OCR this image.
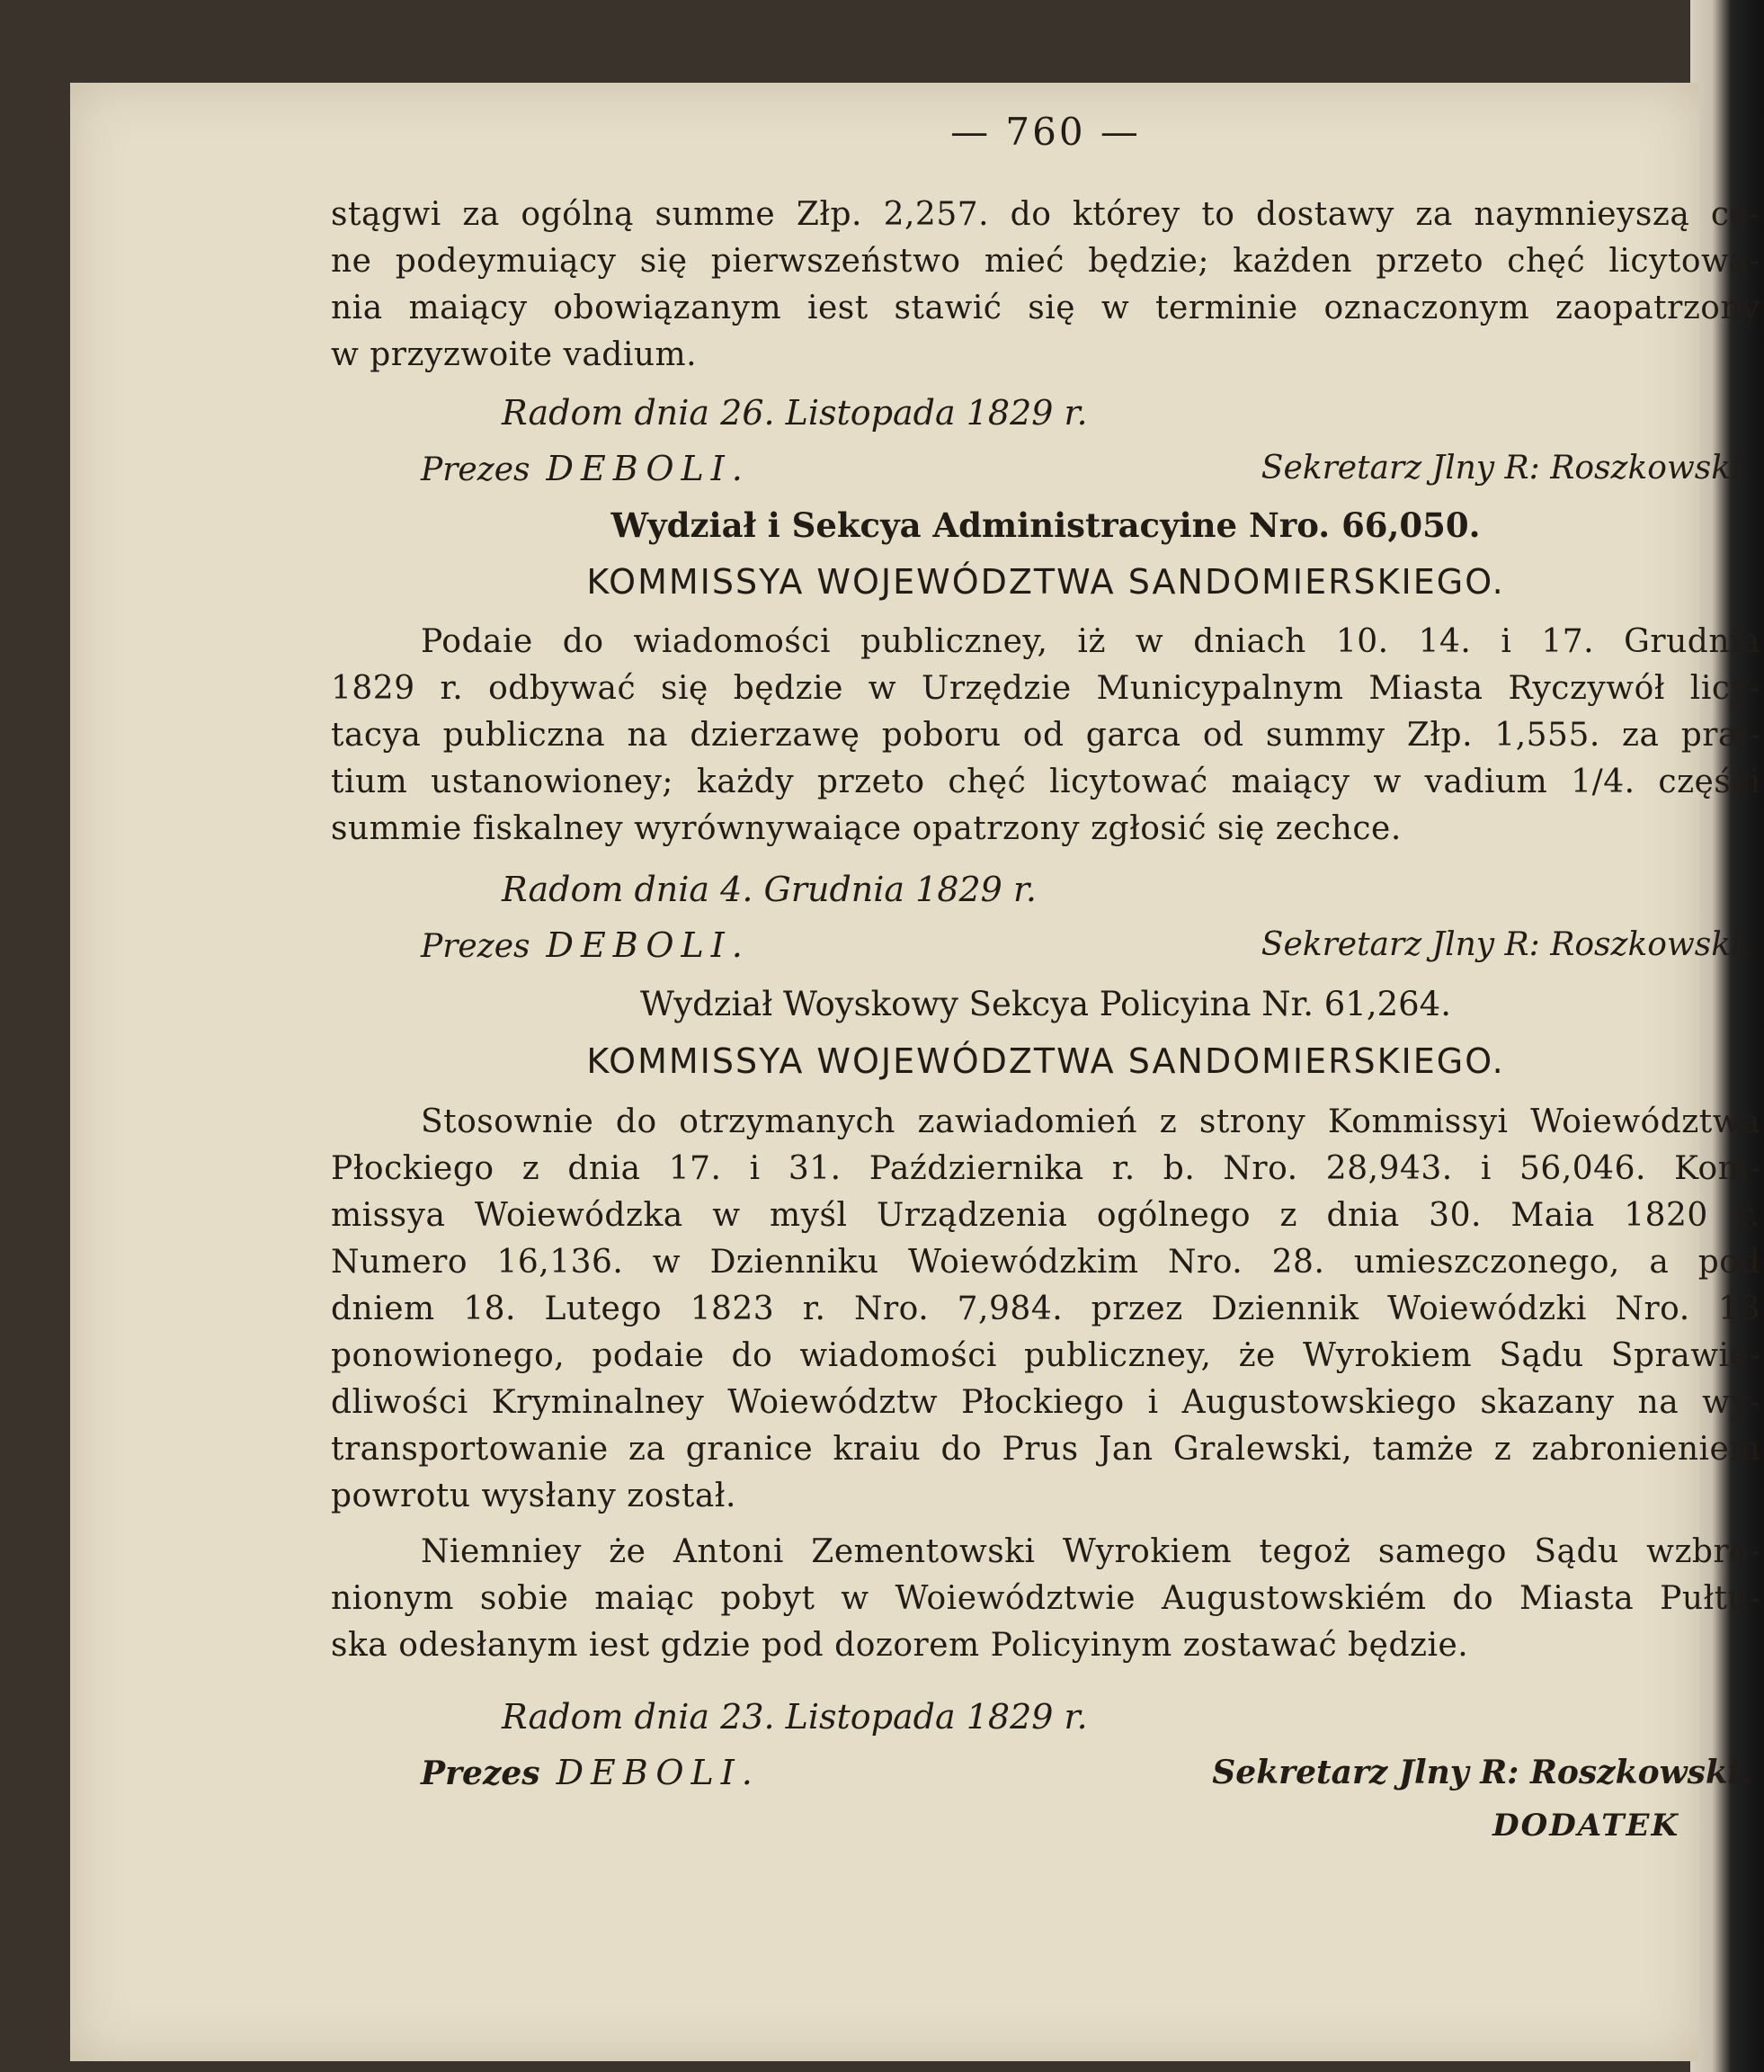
— 760 —
stągwi za ogólną summe Złp. 2,257. do którey to dostawy za naymnieyszą ce-
ne podeymuiący się pierwszeństwo mieć będzie; każden przeto chęć licytowa-
nia maiący obowiązanym iest stawić się w terminie oznaczonym zaopatrzony
w przyzwoite vadium.
Radom dnia 26. Listopada 1829 r.
Prezes DEBOLI.	Sekretarz Jlny R: Roszkowski.
Wydział i Sekcya Administracyine Nro. 66,050.
KOMMISSYA WOJEWÓDZTWA SANDOMIERSKIEGO.
Podaie do wiadomości publiczney, iż w dniach 10. 14. i 17. Grudnia
1829 r. odbywać się będzie w Urzędzie Municypalnym Miasta Ryczywół licy-
tacya publiczna na dzierzawę poboru od garca od summy Złp. 1,555. za præ-
tium ustanowioney; każdy przeto chęć licytować maiący w vadium 1/4. części
summie fiskalney wyrównywaiące opatrzony zgłosić się zechce.
Radom dnia 4. Grudnia 1829 r.
Prezes DEBOLI.	Sekretarz Jlny R: Roszkowski.
Wydział Woyskowy Sekcya Policyina Nr. 61,264.
KOMMISSYA WOJEWÓDZTWA SANDOMIERSKIEGO.
Stosownie do otrzymanych zawiadomień z strony Kommissyi Woiewództwa
Płockiego z dnia 17. i 31. Października r. b. Nro. 28,943. i 56,046. Kom-
missya Woiewódzka w myśl Urządzenia ogólnego z dnia 30. Maia 1820 r.
Numero 16,136. w Dzienniku Woiewódzkim Nro. 28. umieszczonego, a pod
dniem 18. Lutego 1823 r. Nro. 7,984. przez Dziennik Woiewódzki Nro. 13
ponowionego, podaie do wiadomości publiczney, że Wyrokiem Sądu Sprawie-
dliwości Kryminalney Woiewództw Płockiego i Augustowskiego skazany na wy-
transportowanie za granice kraiu do Prus Jan Gralewski, tamże z zabronieniem
powrotu wysłany został.
Niemniey że Antoni Zementowski Wyrokiem tegoż samego Sądu wzbro-
nionym sobie maiąc pobyt w Woiewództwie Augustowskiém do Miasta Pułtu-
ska odesłanym iest gdzie pod dozorem Policyinym zostawać będzie.
Radom dnia 23. Listopada 1829 r.
Prezes DEBOLI.	Sekretarz Jlny R: Roszkowski.
DODATEK
